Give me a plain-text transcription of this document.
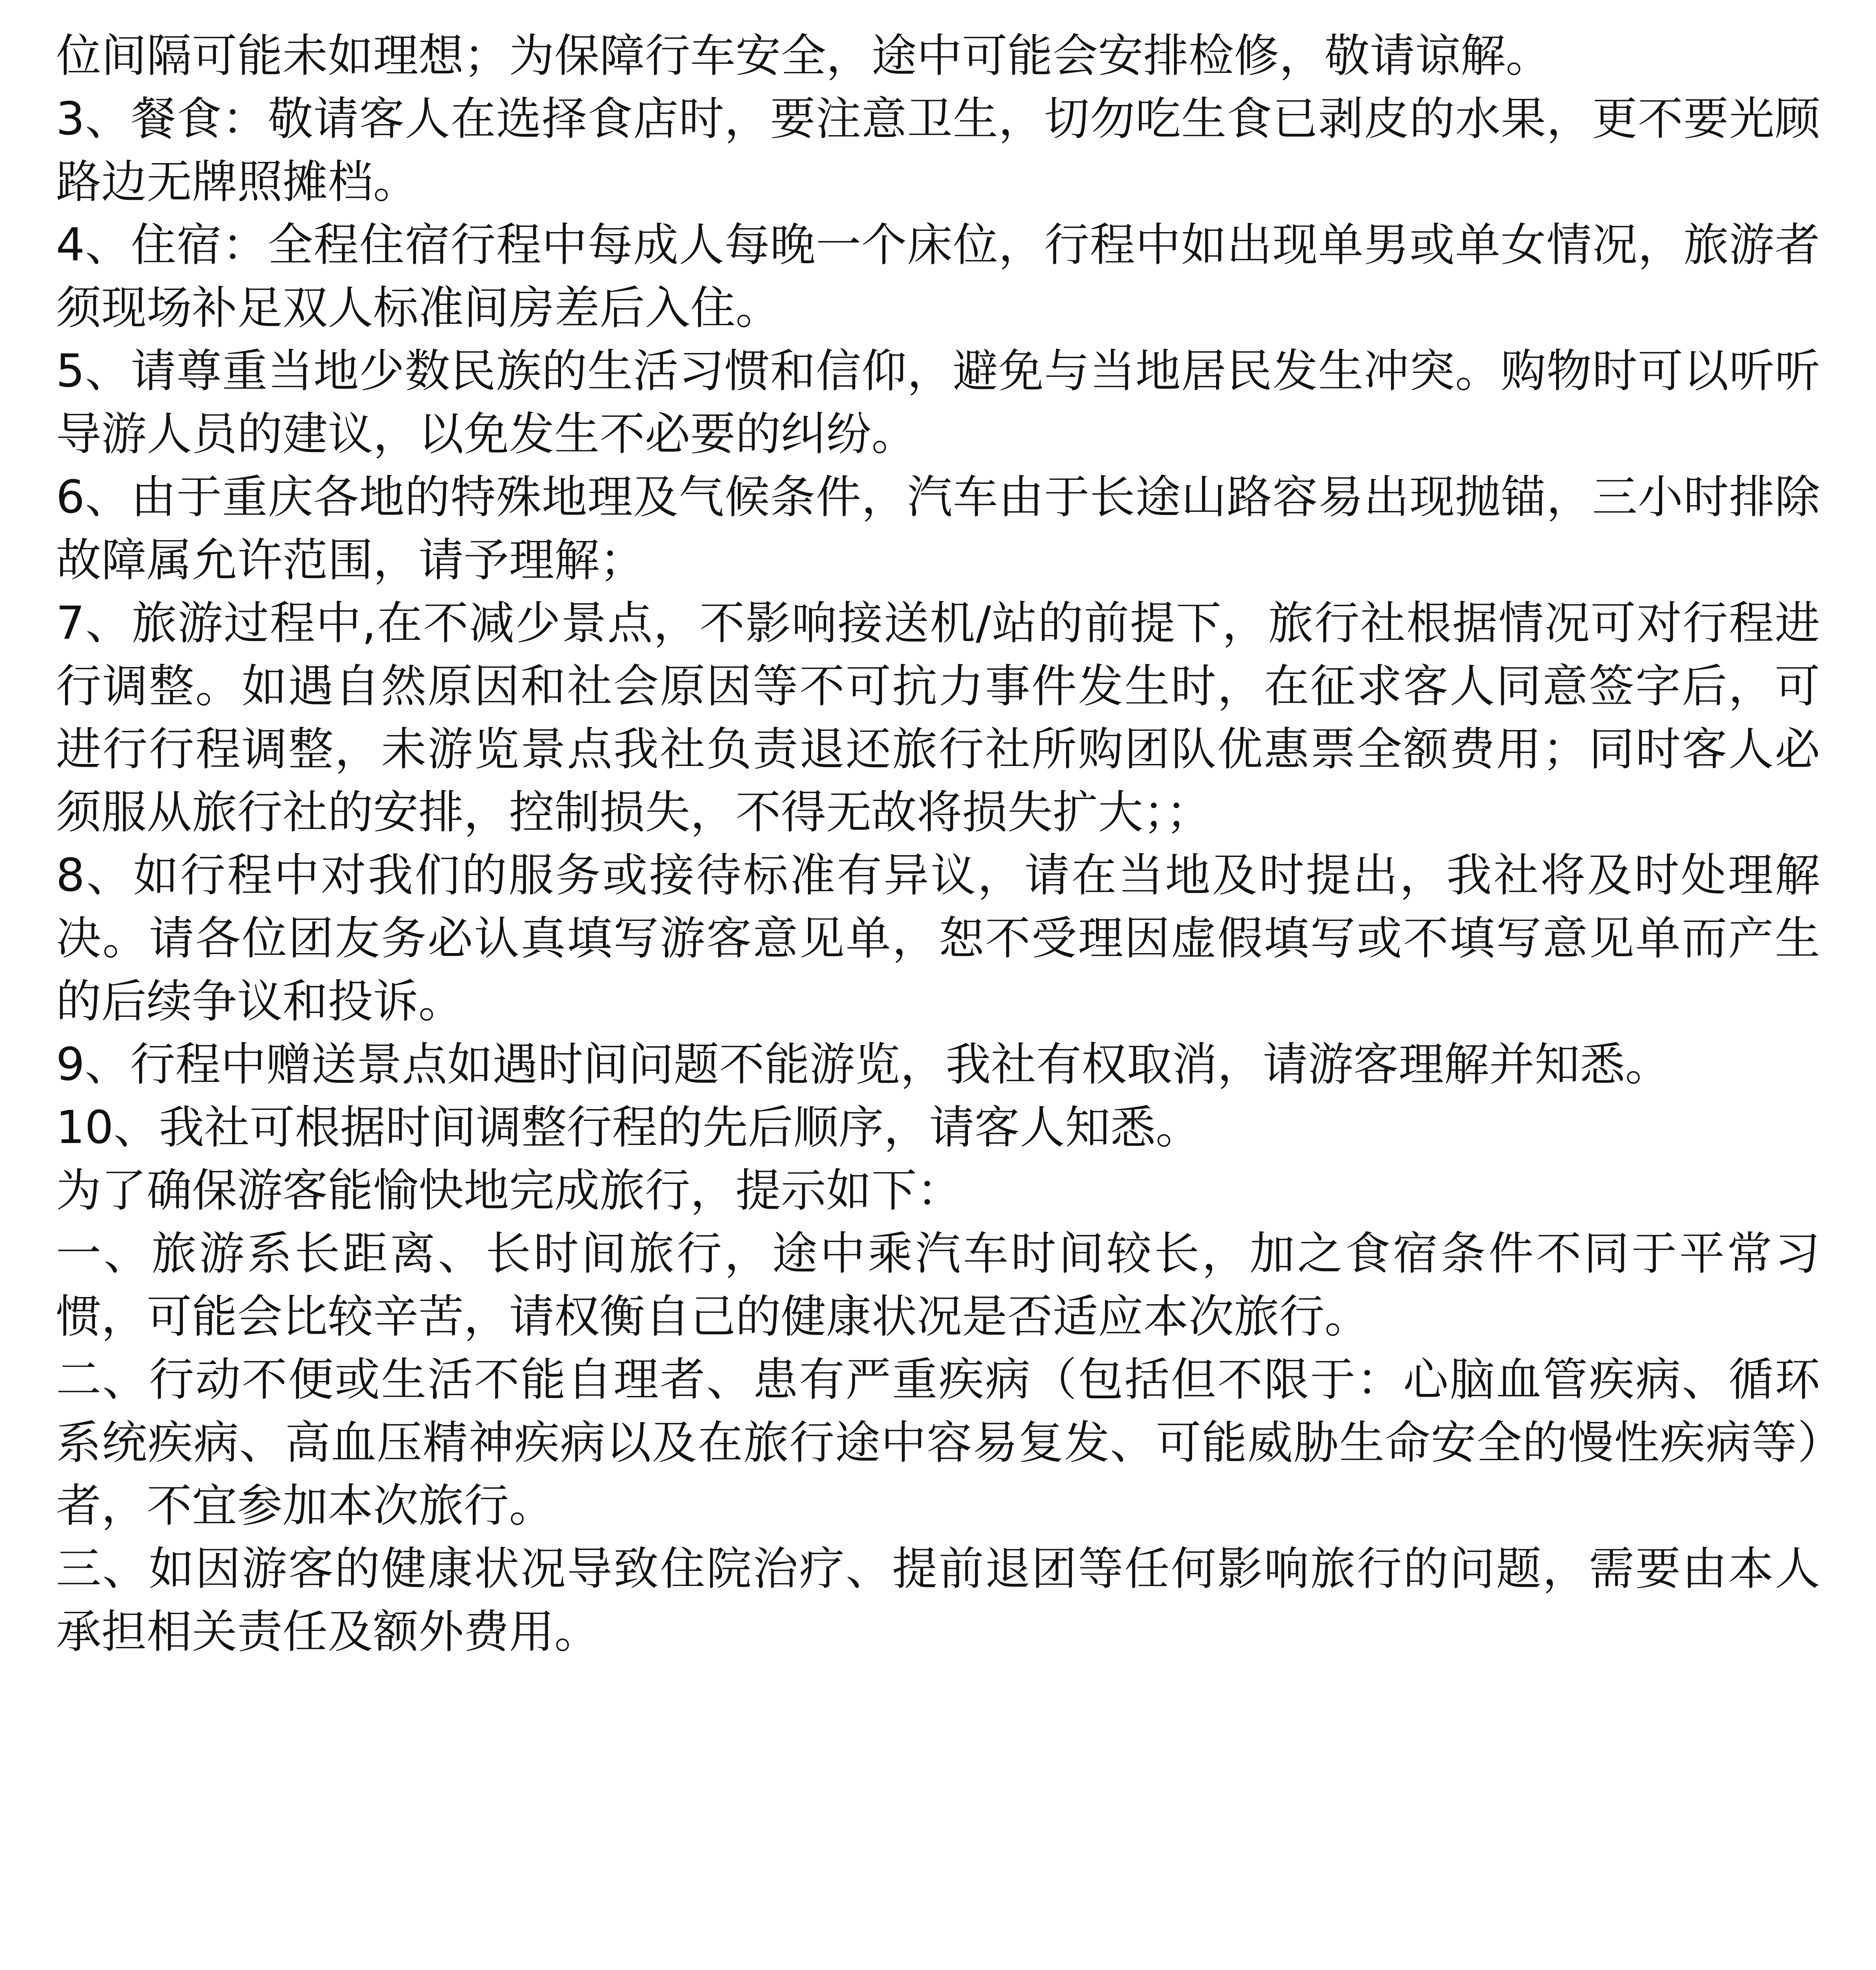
位间隔可能未如理想；为保障行车安全，途中可能会安排检修，敬请谅解。

3、餐食：敬请客人在选择食店时，要注意卫生，切勿吃生食已剥皮的水果，更不要光顾路边无牌照摊档。

4、住宿：全程住宿行程中每成人每晚一个床位，行程中如出现单男或单女情况，旅游者须现场补足双人标准间房差后入住。

5、请尊重当地少数民族的生活习惯和信仰，避免与当地居民发生冲突。购物时可以听听导游人员的建议，以免发生不必要的纠纷。

6、由于重庆各地的特殊地理及气候条件，汽车由于长途山路容易出现抛锚，三小时排除故障属允许范围，请予理解；

7、旅游过程中,在不减少景点，不影响接送机/站的前提下，旅行社根据情况可对行程进行调整。如遇自然原因和社会原因等不可抗力事件发生时，在征求客人同意签字后，可进行行程调整，未游览景点我社负责退还旅行社所购团队优惠票全额费用；同时客人必须服从旅行社的安排，控制损失，不得无故将损失扩大；；

8、如行程中对我们的服务或接待标准有异议，请在当地及时提出，我社将及时处理解决。请各位团友务必认真填写游客意见单，恕不受理因虚假填写或不填写意见单而产生的后续争议和投诉。

9、行程中赠送景点如遇时间问题不能游览，我社有权取消，请游客理解并知悉。

10、我社可根据时间调整行程的先后顺序，请客人知悉。

为了确保游客能愉快地完成旅行，提示如下：

一、旅游系长距离、长时间旅行，途中乘汽车时间较长，加之食宿条件不同于平常习惯，可能会比较辛苦，请权衡自己的健康状况是否适应本次旅行。

二、行动不便或生活不能自理者、患有严重疾病（包括但不限于：心脑血管疾病、循环系统疾病、高血压精神疾病以及在旅行途中容易复发、可能威胁生命安全的慢性疾病等）者，不宜参加本次旅行。

三、如因游客的健康状况导致住院治疗、提前退团等任何影响旅行的问题，需要由本人承担相关责任及额外费用。
